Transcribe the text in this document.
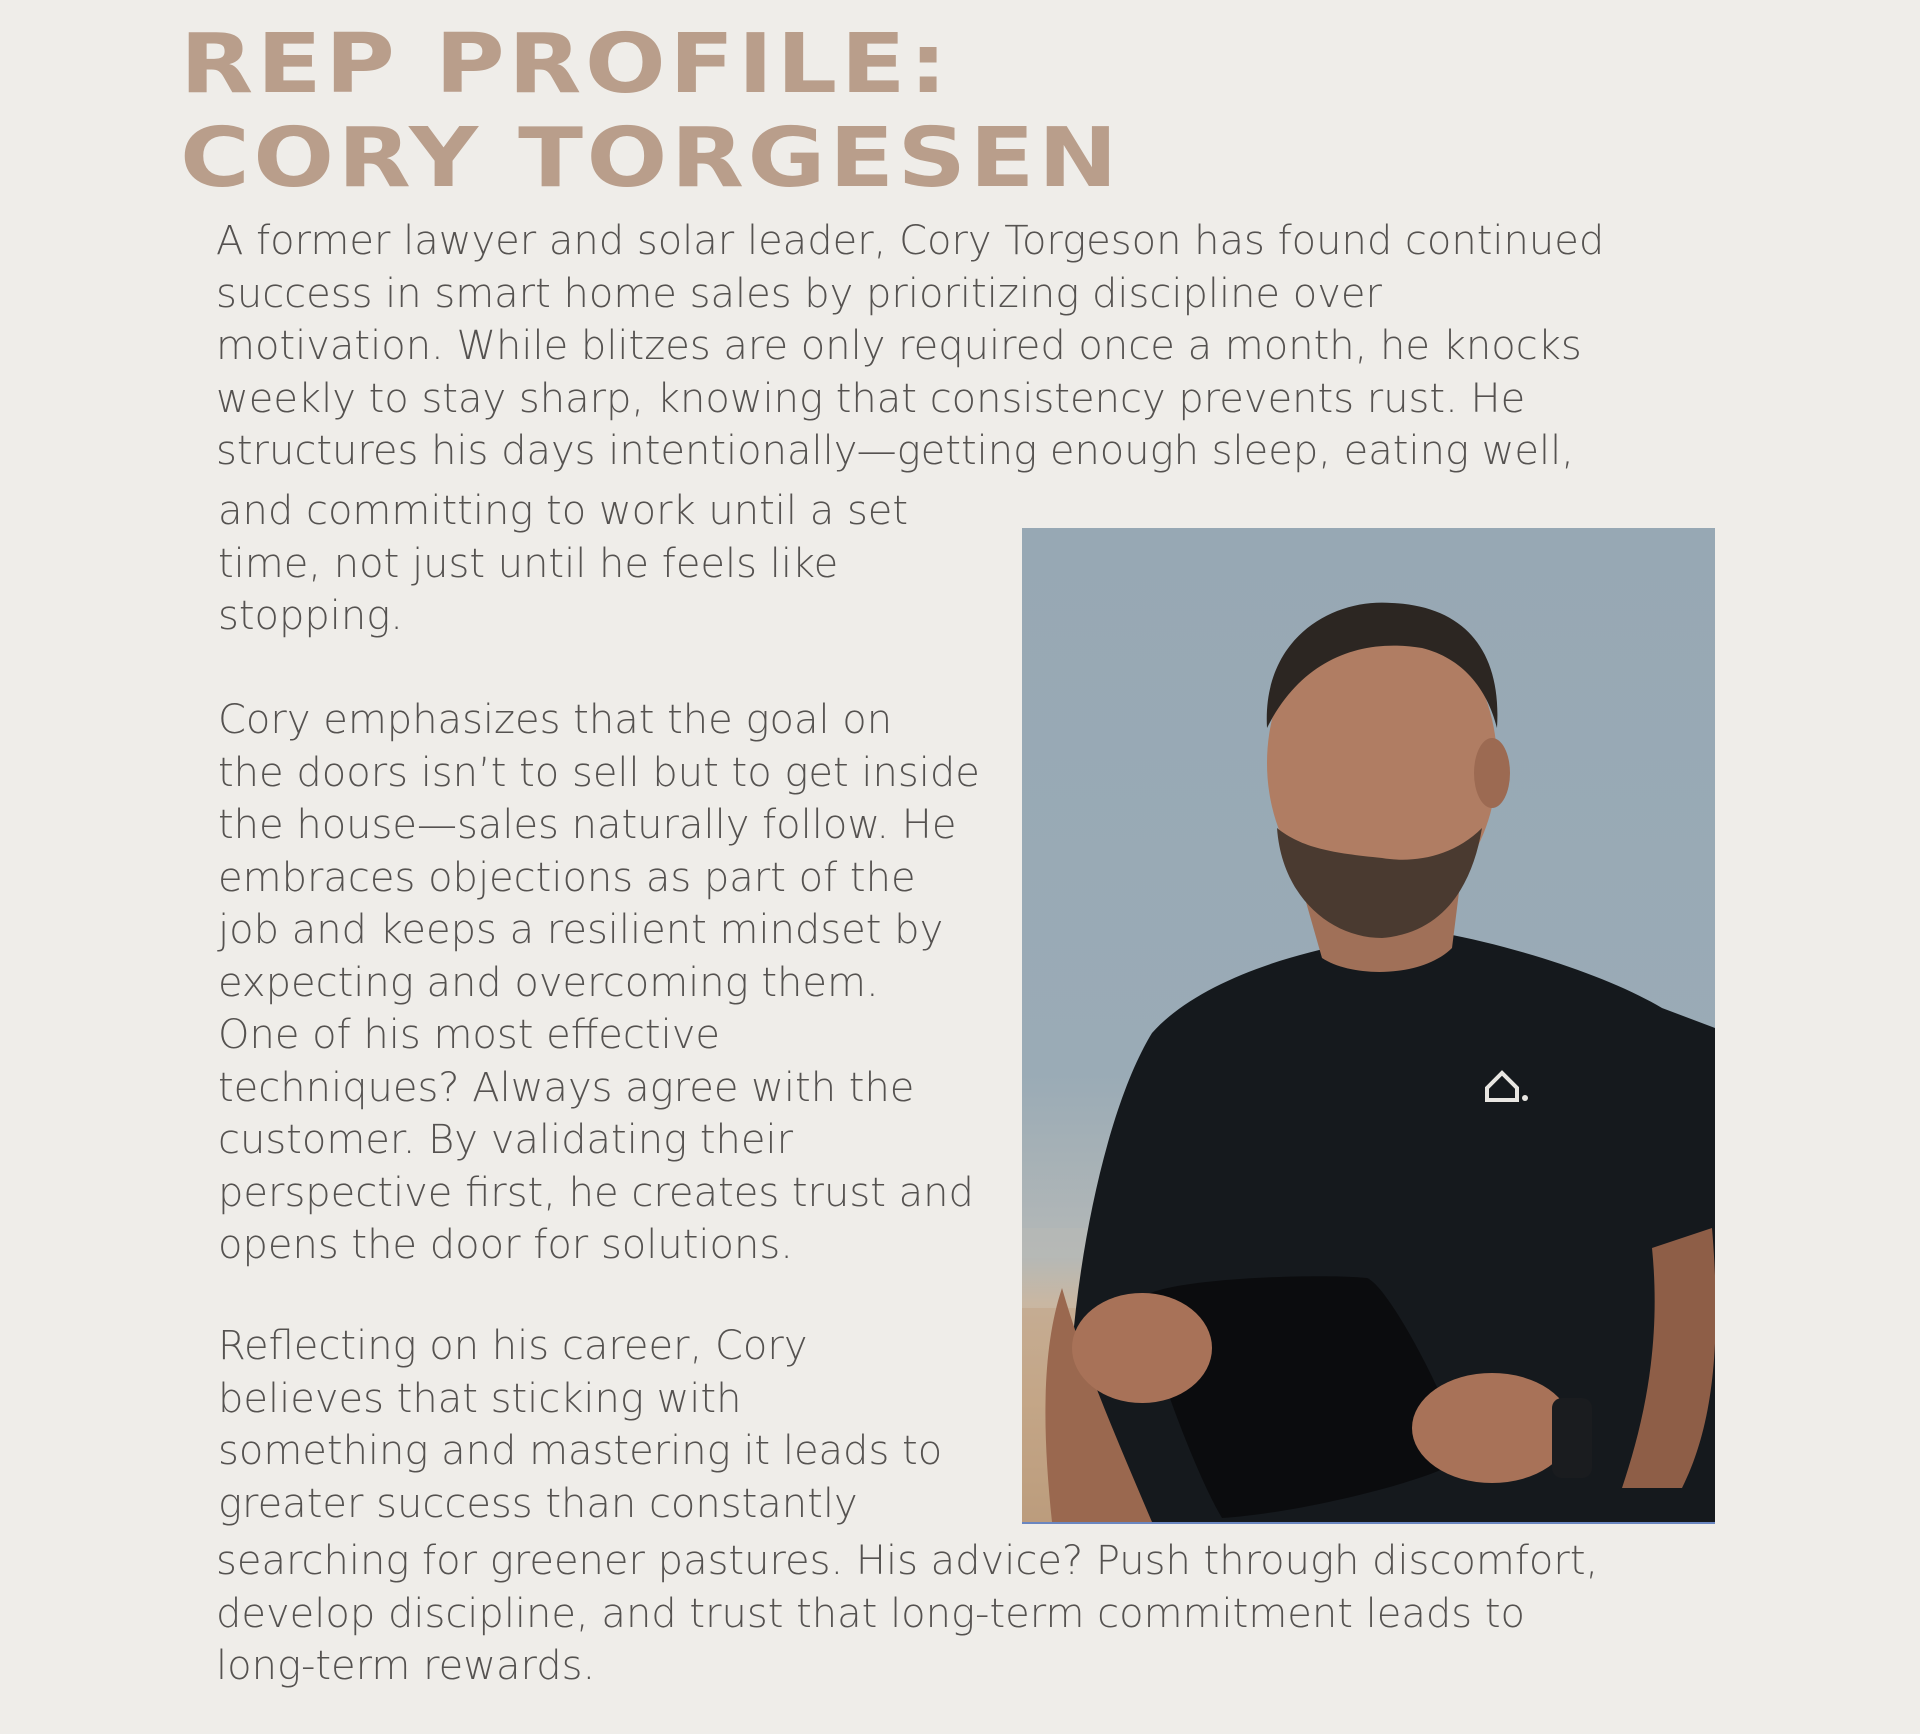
REP PROFILE:
CORY TORGESEN

A former lawyer and solar leader, Cory Torgeson has found continued
success in smart home sales by prioritizing discipline over
motivation. While blitzes are only required once a month, he knocks
weekly to stay sharp, knowing that consistency prevents rust. He
structures his days intentionally—getting enough sleep, eating well,

and committing to work until a set
time, not just until he feels like
stopping.

Cory emphasizes that the goal on
the doors isn’t to sell but to get inside
the house—sales naturally follow. He
embraces objections as part of the
job and keeps a resilient mindset by
expecting and overcoming them.
One of his most effective
techniques? Always agree with the
customer. By validating their
perspective first, he creates trust and
opens the door for solutions.

Reflecting on his career, Cory
believes that sticking with
something and mastering it leads to
greater success than constantly

searching for greener pastures. His advice? Push through discomfort,
develop discipline, and trust that long-term commitment leads to
long-term rewards.
